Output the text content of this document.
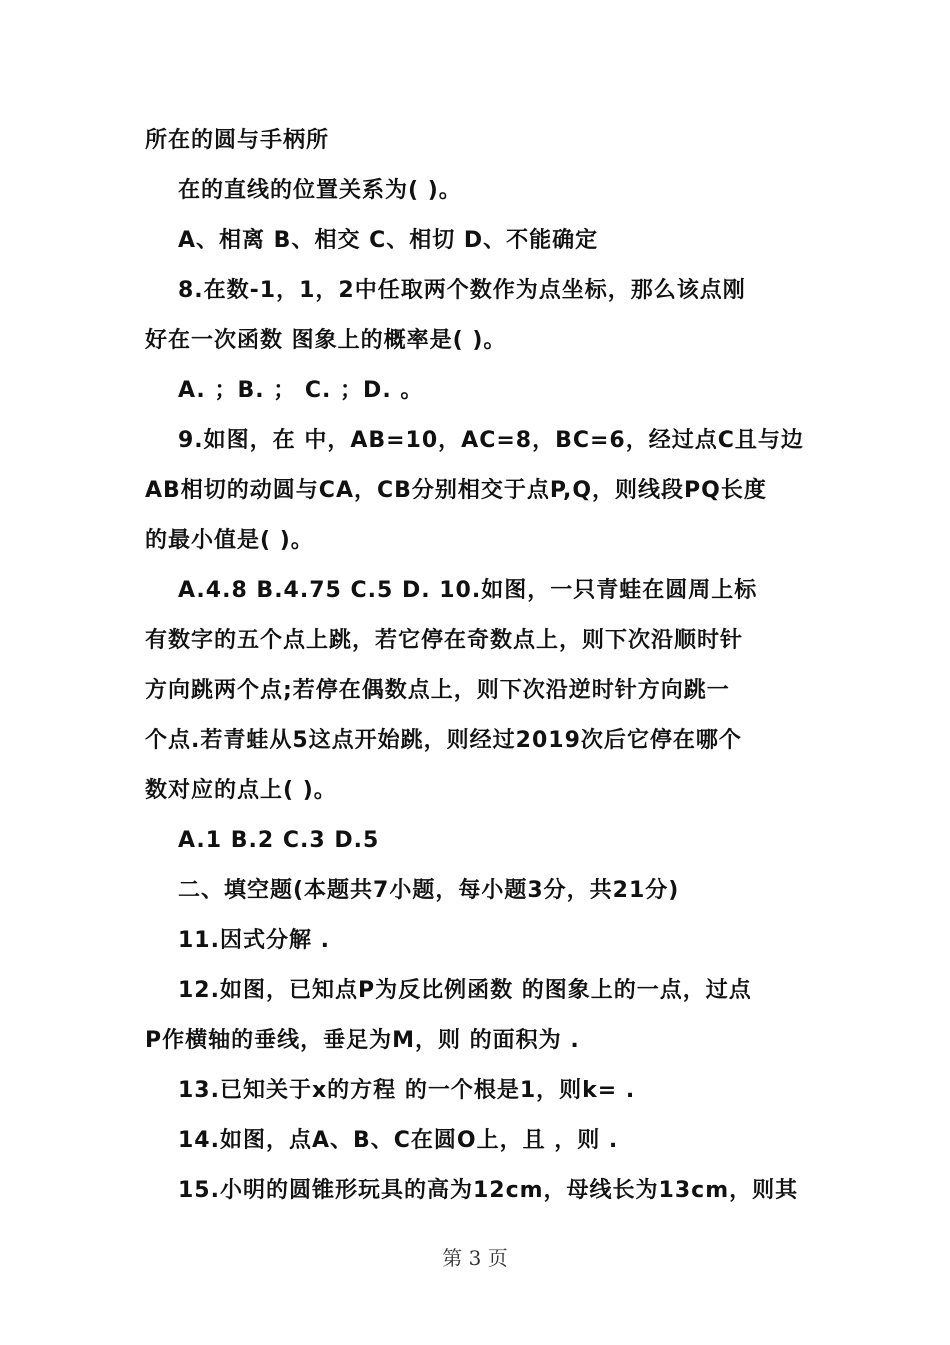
所在的圆与手柄所
在的直线的位置关系为( )。
A、相离 B、相交 C、相切 D、不能确定
8.在数-1，1，2中任取两个数作为点坐标，那么该点刚
好在一次函数 图象上的概率是( )。
A. ；B. ； C. ；D. 。
9.如图，在 中，AB=10，AC=8，BC=6，经过点C且与边
AB相切的动圆与CA，CB分别相交于点P,Q，则线段PQ长度
的最小值是( )。
A.4.8 B.4.75 C.5 D. 10.如图，一只青蛙在圆周上标
有数字的五个点上跳，若它停在奇数点上，则下次沿顺时针
方向跳两个点;若停在偶数点上，则下次沿逆时针方向跳一
个点.若青蛙从5这点开始跳，则经过2019次后它停在哪个
数对应的点上( )。
A.1 B.2 C.3 D.5
二、填空题(本题共7小题，每小题3分，共21分)
11.因式分解 .
12.如图，已知点P为反比例函数 的图象上的一点，过点
P作横轴的垂线，垂足为M，则 的面积为 .
13.已知关于x的方程 的一个根是1，则k= .
14.如图，点A、B、C在圆O上，且 ，则 .
15.小明的圆锥形玩具的高为12cm，母线长为13cm，则其
第 3 页
